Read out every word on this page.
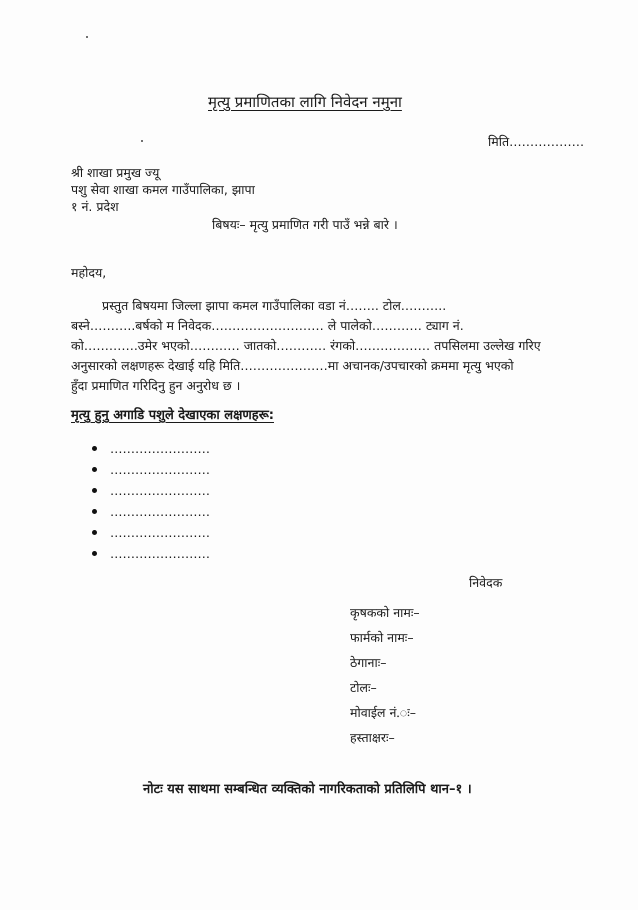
मृत्यु प्रमाणितका लागि निवेदन नमुना
मिति………………
श्री शाखा प्रमुख ज्यू
पशु सेवा शाखा कमल गाउँपालिका, झापा
१ नं. प्रदेश
बिषयः– मृत्यु प्रमाणित गरी पाउँ भन्ने बारे ।
महोदय,
प्रस्तुत बिषयमा जिल्ला झापा कमल गाउँपालिका वडा नं…….. टोल………..
बस्ने………..बर्षको म निवेदक……………………… ले पालेको………… ट्याग नं.
को………….उमेर भएको………… जातको………… रंगको……………… तपसिलमा उल्लेख गरिए
अनुसारको लक्षणहरू देखाई यहि मिति…………………मा अचानक/उपचारको क्रममा मृत्यु भएको
हुँदा प्रमाणित गरिदिनु हुन अनुरोध छ ।
मृत्यु हुनु अगाडि पशुले देखाएका लक्षणहरू:
……………………
……………………
……………………
……………………
……………………
……………………
निवेदक
कृषकको नामः–
फार्मको नामः–
ठेगानाः–
टोलः–
मोवाईल नं.ः–
हस्ताक्षरः–
नोटः यस साथमा सम्बन्धित व्यक्तिको नागरिकताको प्रतिलिपि थान–१ ।
